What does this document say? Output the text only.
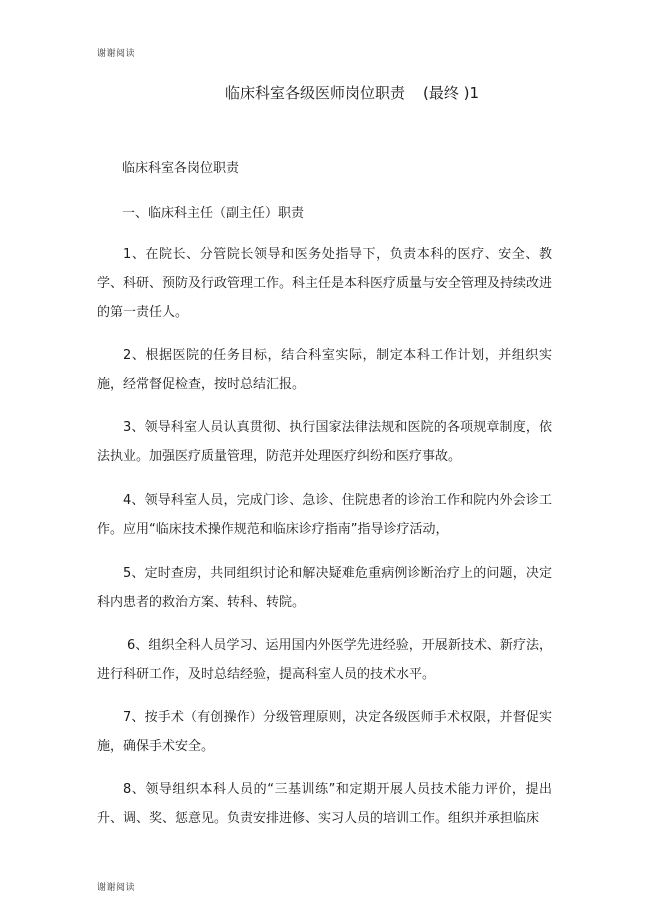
谢谢阅读
临床科室各级医师岗位职责 (最终 )1
临床科室各岗位职责
一、临床科主任（副主任）职责

1、在院长、分管院长领导和医务处指导下，负责本科的医疗、安全、教学、科研、预防及行政管理工作。科主任是本科医疗质量与安全管理及持续改进的第一责任人。

2、根据医院的任务目标，结合科室实际，制定本科工作计划，并组织实施，经常督促检查，按时总结汇报。

3、领导科室人员认真贯彻、执行国家法律法规和医院的各项规章制度，依法执业。加强医疗质量管理，防范并处理医疗纠纷和医疗事故。

4、领导科室人员，完成门诊、急诊、住院患者的诊治工作和院内外会诊工作。应用“临床技术操作规范和临床诊疗指南”指导诊疗活动，

5、定时查房，共同组织讨论和解决疑难危重病例诊断治疗上的问题，决定科内患者的救治方案、转科、转院。

6、组织全科人员学习、运用国内外医学先进经验，开展新技术、新疗法，进行科研工作，及时总结经验，提高科室人员的技术水平。

7、按手术（有创操作）分级管理原则，决定各级医师手术权限，并督促实施，确保手术安全。

8、领导组织本科人员的“三基训练”和定期开展人员技术能力评价，提出升、调、奖、惩意见。负责安排进修、实习人员的培训工作。组织并承担临床

谢谢阅读
